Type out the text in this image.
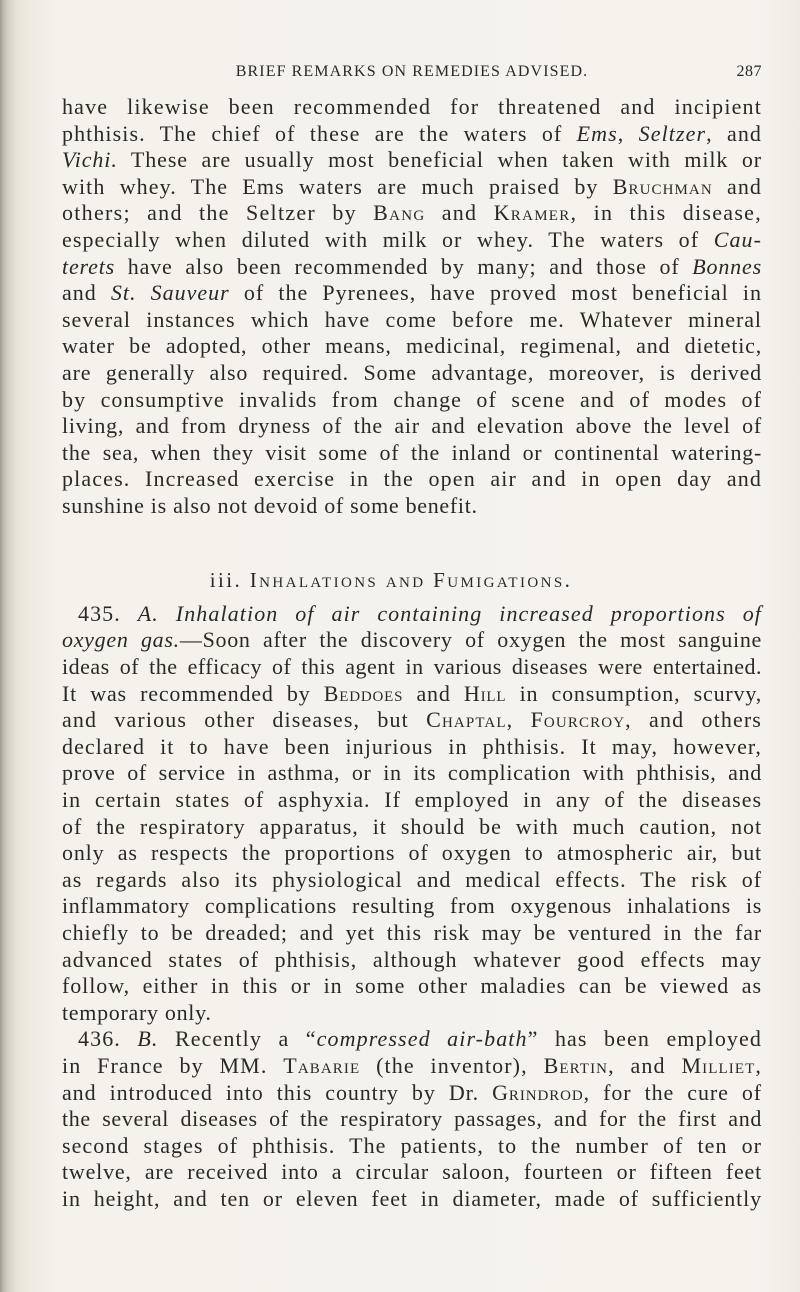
BRIEF REMARKS ON REMEDIES ADVISED.	287
have likewise been recommended for threatened and incipient
phthisis. The chief of these are the waters of Ems, Seltzer, and
Vichi. These are usually most beneficial when taken with milk or
with whey. The Ems waters are much praised by Bruchman and
others; and the Seltzer by Bang and Kramer, in this disease,
especially when diluted with milk or whey. The waters of Cau-
terets have also been recommended by many; and those of Bonnes
and St. Sauveur of the Pyrenees, have proved most beneficial in
several instances which have come before me. Whatever mineral
water be adopted, other means, medicinal, regimenal, and dietetic,
are generally also required. Some advantage, moreover, is derived
by consumptive invalids from change of scene and of modes of
living, and from dryness of the air and elevation above the level of
the sea, when they visit some of the inland or continental watering-
places. Increased exercise in the open air and in open day and
sunshine is also not devoid of some benefit.
iii. Inhalations and Fumigations.
435. A. Inhalation of air containing increased proportions of
oxygen gas.—Soon after the discovery of oxygen the most sanguine
ideas of the efficacy of this agent in various diseases were entertained.
It was recommended by Beddoes and Hill in consumption, scurvy,
and various other diseases, but Chaptal, Fourcroy, and others
declared it to have been injurious in phthisis. It may, however,
prove of service in asthma, or in its complication with phthisis, and
in certain states of asphyxia. If employed in any of the diseases
of the respiratory apparatus, it should be with much caution, not
only as respects the proportions of oxygen to atmospheric air, but
as regards also its physiological and medical effects. The risk of
inflammatory complications resulting from oxygenous inhalations is
chiefly to be dreaded; and yet this risk may be ventured in the far
advanced states of phthisis, although whatever good effects may
follow, either in this or in some other maladies can be viewed as
temporary only.
436. B. Recently a “compressed air-bath” has been employed
in France by MM. Tabarie (the inventor), Bertin, and Milliet,
and introduced into this country by Dr. Grindrod, for the cure of
the several diseases of the respiratory passages, and for the first and
second stages of phthisis. The patients, to the number of ten or
twelve, are received into a circular saloon, fourteen or fifteen feet
in height, and ten or eleven feet in diameter, made of sufficiently
